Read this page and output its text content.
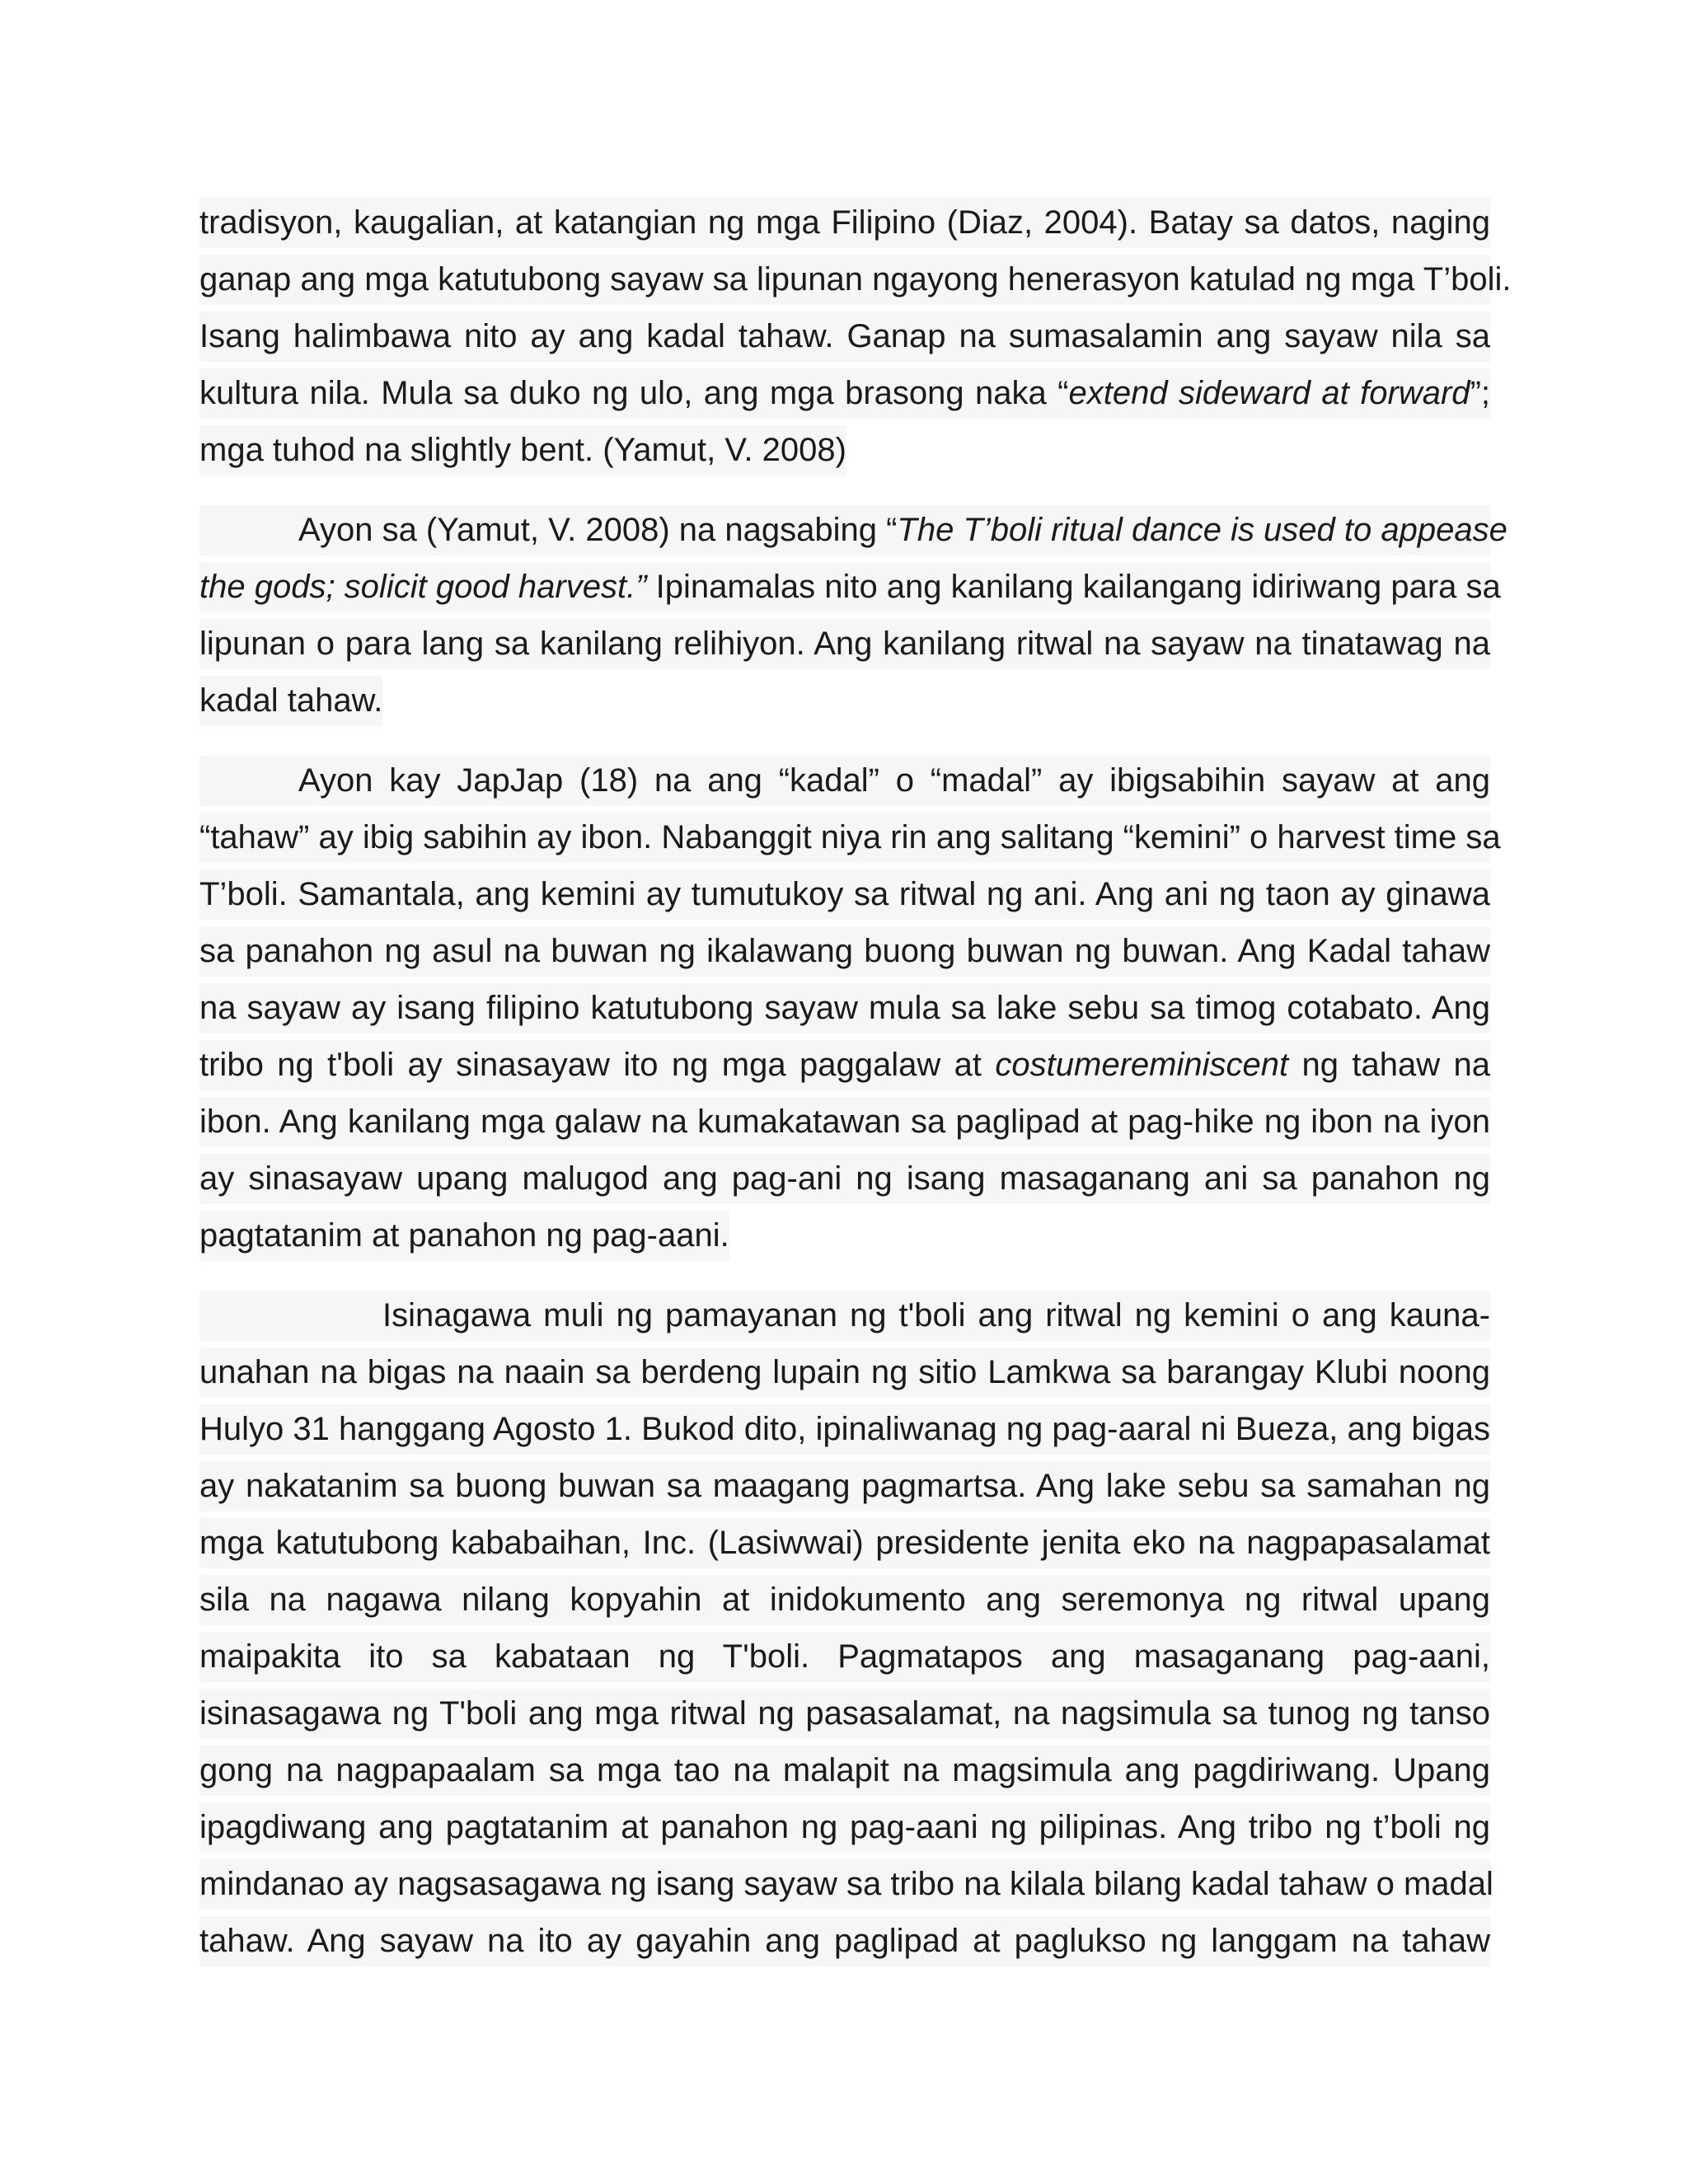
tradisyon, kaugalian, at katangian ng mga Filipino (Diaz, 2004). Batay sa datos, naging
ganap ang mga katutubong sayaw sa lipunan ngayong henerasyon katulad ng mga T’boli.
Isang halimbawa nito ay ang kadal tahaw. Ganap na sumasalamin ang sayaw nila sa
kultura nila. Mula sa duko ng ulo, ang mga brasong naka “extend sideward at forward”;
mga tuhod na slightly bent. (Yamut, V. 2008)
Ayon sa (Yamut, V. 2008) na nagsabing “The T’boli ritual dance is used to appease
the gods; solicit good harvest.” Ipinamalas nito ang kanilang kailangang idiriwang para sa
lipunan o para lang sa kanilang relihiyon. Ang kanilang ritwal na sayaw na tinatawag na
kadal tahaw.
Ayon kay JapJap (18) na ang “kadal” o “madal” ay ibigsabihin sayaw at ang
“tahaw” ay ibig sabihin ay ibon. Nabanggit niya rin ang salitang “kemini” o harvest time sa
T’boli. Samantala, ang kemini ay tumutukoy sa ritwal ng ani. Ang ani ng taon ay ginawa
sa panahon ng asul na buwan ng ikalawang buong buwan ng buwan. Ang Kadal tahaw
na sayaw ay isang filipino katutubong sayaw mula sa lake sebu sa timog cotabato. Ang
tribo ng t'boli ay sinasayaw ito ng mga paggalaw at costumereminiscent ng tahaw na
ibon. Ang kanilang mga galaw na kumakatawan sa paglipad at pag-hike ng ibon na iyon
ay sinasayaw upang malugod ang pag-ani ng isang masaganang ani sa panahon ng
pagtatanim at panahon ng pag-aani.
Isinagawa muli ng pamayanan ng t'boli ang ritwal ng kemini o ang kauna-
unahan na bigas na naain sa berdeng lupain ng sitio Lamkwa sa barangay Klubi noong
Hulyo 31 hanggang Agosto 1. Bukod dito, ipinaliwanag ng pag-aaral ni Bueza, ang bigas
ay nakatanim sa buong buwan sa maagang pagmartsa. Ang lake sebu sa samahan ng
mga katutubong kababaihan, Inc. (Lasiwwai) presidente jenita eko na nagpapasalamat
sila na nagawa nilang kopyahin at inidokumento ang seremonya ng ritwal upang
maipakita ito sa kabataan ng T'boli. Pagmatapos ang masaganang pag-aani,
isinasagawa ng T'boli ang mga ritwal ng pasasalamat, na nagsimula sa tunog ng tanso
gong na nagpapaalam sa mga tao na malapit na magsimula ang pagdiriwang. Upang
ipagdiwang ang pagtatanim at panahon ng pag-aani ng pilipinas. Ang tribo ng t’boli ng
mindanao ay nagsasagawa ng isang sayaw sa tribo na kilala bilang kadal tahaw o madal
tahaw. Ang sayaw na ito ay gayahin ang paglipad at paglukso ng langgam na tahaw
